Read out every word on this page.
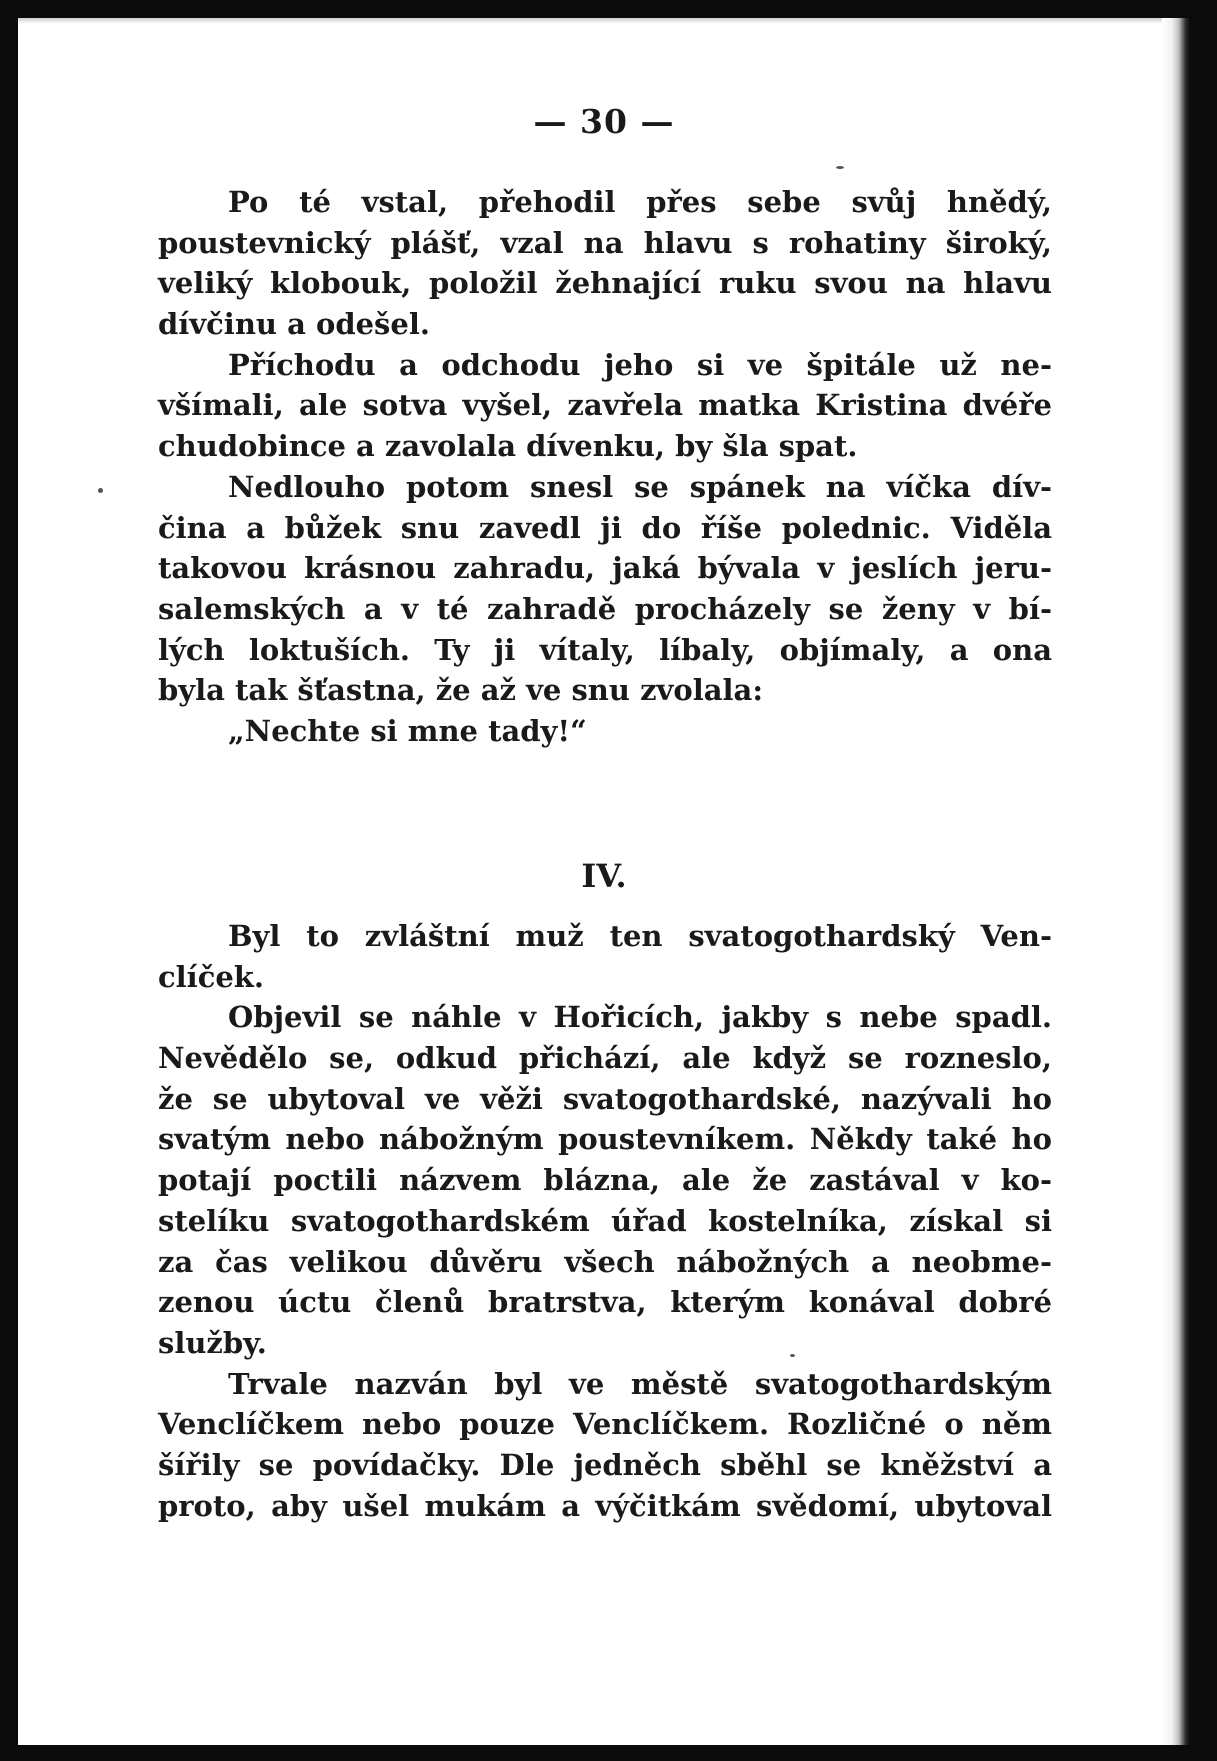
— 30 —
Po té vstal, přehodil přes sebe svůj hnědý,
poustevnický plášť, vzal na hlavu s rohatiny široký,
veliký klobouk, položil žehnající ruku svou na hlavu
dívčinu a odešel.
Příchodu a odchodu jeho si ve špitále už ne-
všímali, ale sotva vyšel, zavřela matka Kristina dvéře
chudobince a zavolala dívenku, by šla spat.
Nedlouho potom snesl se spánek na víčka dív-
čina a bůžek snu zavedl ji do říše polednic. Viděla
takovou krásnou zahradu, jaká bývala v jeslích jeru-
salemských a v té zahradě procházely se ženy v bí-
lých loktuších. Ty ji vítaly, líbaly, objímaly, a ona
byla tak šťastna, že až ve snu zvolala:
„Nechte si mne tady!“
IV.
Byl to zvláštní muž ten svatogothardský Ven-
clíček.
Objevil se náhle v Hořicích, jakby s nebe spadl.
Nevědělo se, odkud přichází, ale když se rozneslo,
že se ubytoval ve věži svatogothardské, nazývali ho
svatým nebo nábožným poustevníkem. Někdy také ho
potají poctili názvem blázna, ale že zastával v ko-
stelíku svatogothardském úřad kostelníka, získal si
za čas velikou důvěru všech nábožných a neobme-
zenou úctu členů bratrstva, kterým konával dobré
služby.
Trvale nazván byl ve městě svatogothardským
Venclíčkem nebo pouze Venclíčkem. Rozličné o něm
šířily se povídačky. Dle jedněch sběhl se kněžství a
proto, aby ušel mukám a výčitkám svědomí, ubytoval
